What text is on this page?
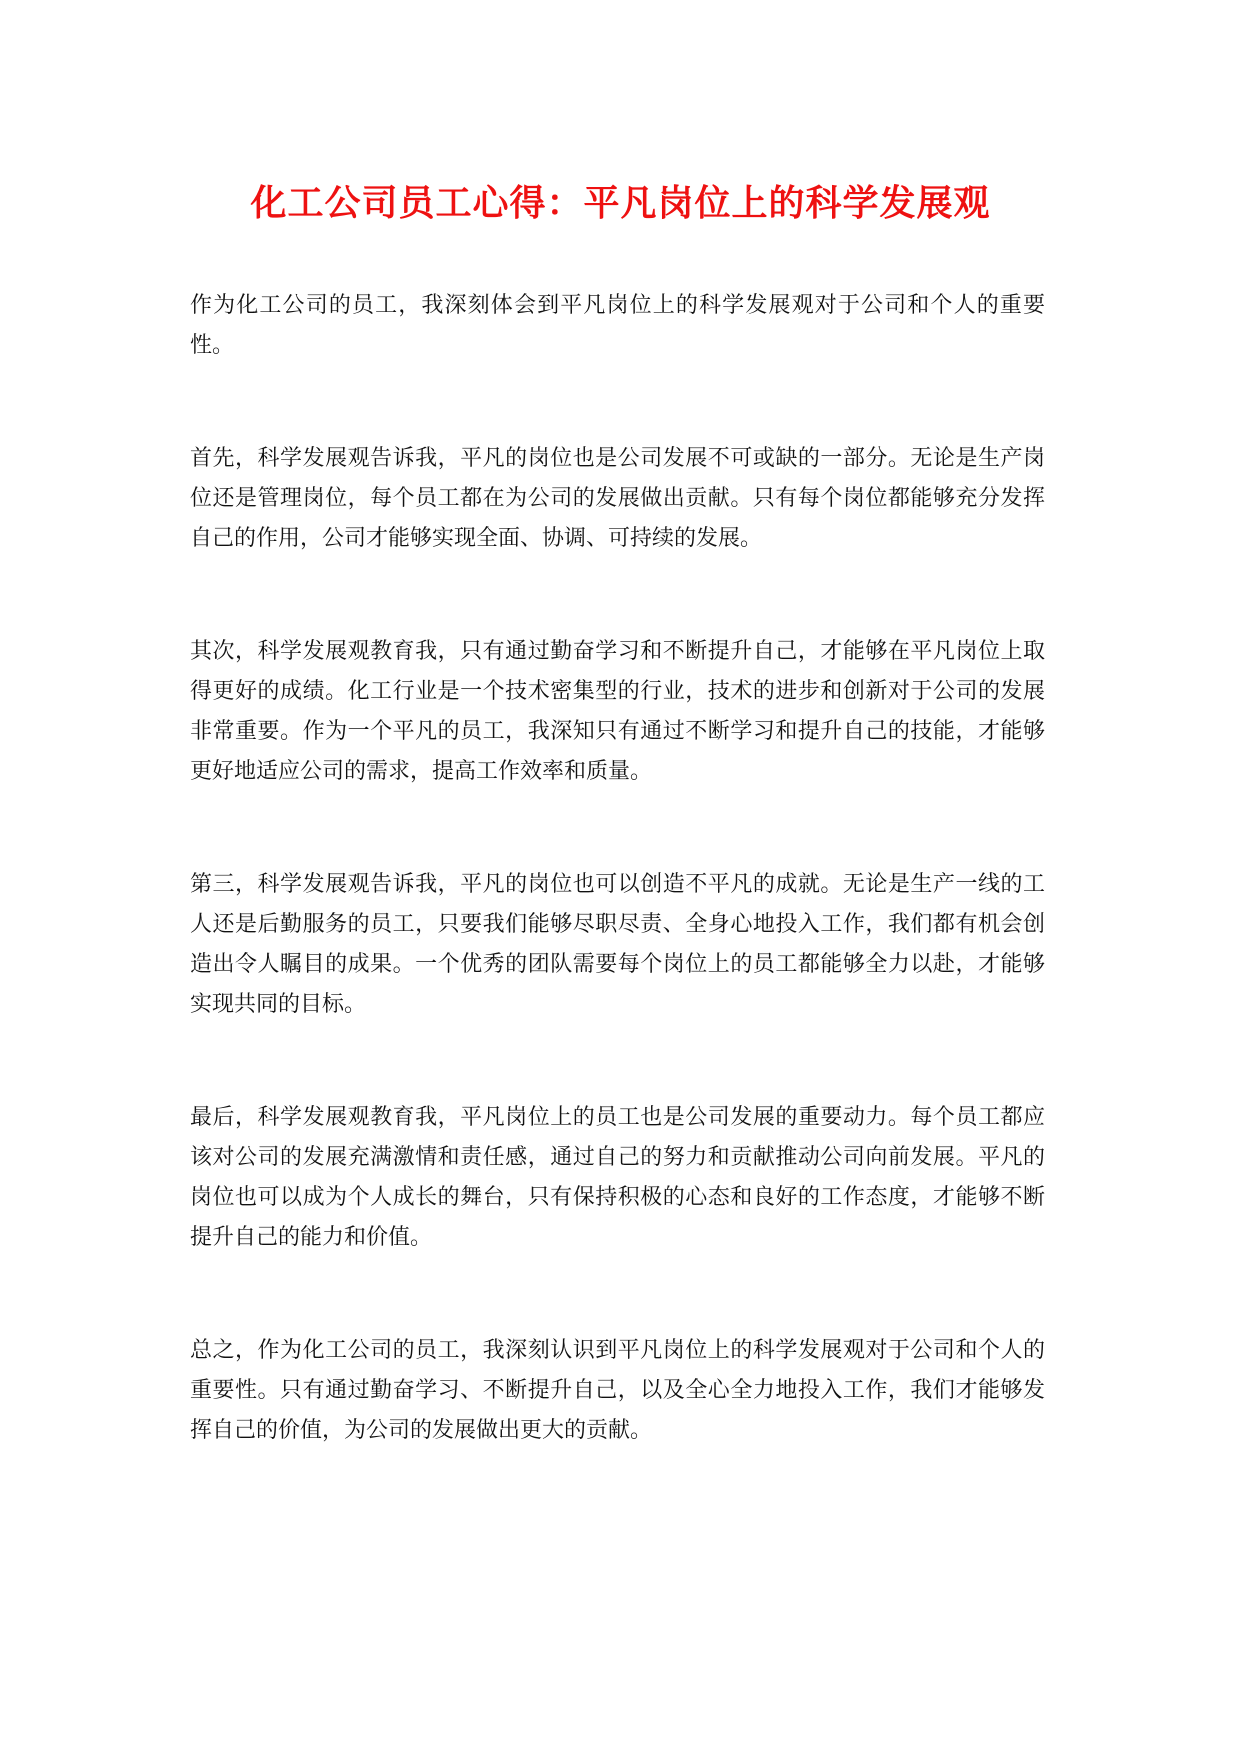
化工公司员工心得：平凡岗位上的科学发展观

作为化工公司的员工，我深刻体会到平凡岗位上的科学发展观对于公司和个人的重要性。

首先，科学发展观告诉我，平凡的岗位也是公司发展不可或缺的一部分。无论是生产岗位还是管理岗位，每个员工都在为公司的发展做出贡献。只有每个岗位都能够充分发挥自己的作用，公司才能够实现全面、协调、可持续的发展。

其次，科学发展观教育我，只有通过勤奋学习和不断提升自己，才能够在平凡岗位上取得更好的成绩。化工行业是一个技术密集型的行业，技术的进步和创新对于公司的发展非常重要。作为一个平凡的员工，我深知只有通过不断学习和提升自己的技能，才能够更好地适应公司的需求，提高工作效率和质量。

第三，科学发展观告诉我，平凡的岗位也可以创造不平凡的成就。无论是生产一线的工人还是后勤服务的员工，只要我们能够尽职尽责、全身心地投入工作，我们都有机会创造出令人瞩目的成果。一个优秀的团队需要每个岗位上的员工都能够全力以赴，才能够实现共同的目标。

最后，科学发展观教育我，平凡岗位上的员工也是公司发展的重要动力。每个员工都应该对公司的发展充满激情和责任感，通过自己的努力和贡献推动公司向前发展。平凡的岗位也可以成为个人成长的舞台，只有保持积极的心态和良好的工作态度，才能够不断提升自己的能力和价值。

总之，作为化工公司的员工，我深刻认识到平凡岗位上的科学发展观对于公司和个人的重要性。只有通过勤奋学习、不断提升自己，以及全心全力地投入工作，我们才能够发挥自己的价值，为公司的发展做出更大的贡献。
